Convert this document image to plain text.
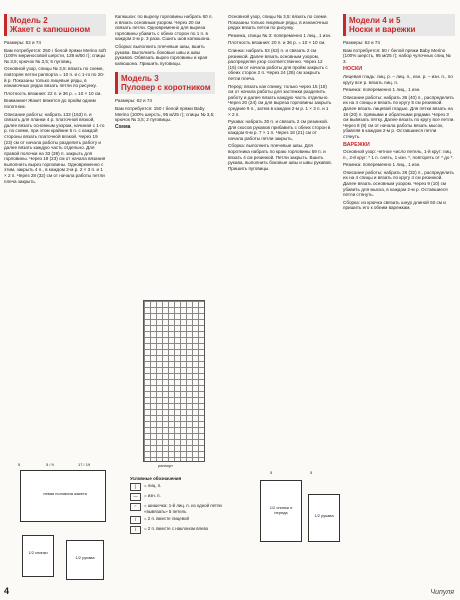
Модель 2
Жакет с капюшоном

Размеры: 62 и 74

Вам потребуется: 250 г белой пряжи Merino soft (100% мериносовой шерсти, 138 м/50 г); спицы № 3,5; крючок № 3,5; 5 пуговиц.

Основной узор, спицы № 3,5: вязать по схеме, повторяя петли раппорта = 10 п. и с 1-го по 20-й р. Показаны только лицевые ряды, в изнаночных рядах вязать петли по рисунку.

Плотность вязания: 22 п. и 36 р. = 10 × 10 см.

Внимание! Жакет вяжется до пройм одним полотном.

Описание работы: набрать 133 (153) п. и связать для планки 4 р. платочной вязкой, далее вязать основным узором, начиная с 1-го р. по схеме, при этом крайние 5 п. с каждой стороны вязать платочной вязкой. Через 19 (23) см от начала работы разделить работу и далее вязать каждую часть отдельно. Для правой полочки на 33 (38) п. закрыть для горловины. Через 19 (23) см от начала вязания выполнить вырез горловины. Одновременно с этим, закрыть 4 п., в каждом 2-м р. 2 × 3 п. и 1 × 2 п. Через 28 (32) см от начала работы петли плеча закрыть.

Капюшон: по вырезу горловины набрать 60 п. и вязать основным узором. Через 20 см связать петли. Одновременно для выреза горловины убавить с обеих сторон по 1 п. в каждом 2-м р. 3 раза. Сшить шов капюшона.

Сборка: выполнить плечевые швы, вшить рукава. Выполнить боковые швы и швы рукавов. Обвязать вырез горловины и края капюшона. Пришить пуговицы.

Модель 3
Пуловер с коротником

Размеры: 62 и 74

Вам потребуется: 150 г белой пряжи Baby Merino (100% шерсть, 95 м/25 г); спицы № 3,5; крючок № 3,5; 2 пуговицы.

Схема
раппорт
Условные обозначения
|	= лиц. п.
—	= изн. п.
◜	= шишечка: 1-й лиц. п. из одной петли «вывязать» 5 петель
/	= 2 п. вместе лицевой
\	= 2 п. вместе с наклоном влево

Основной узор, спицы № 3,5: вязать по схеме. Показаны только лицевые ряды, в изнаночных рядах вязать петли по рисунку.

Резинка, спицы № 3: попеременно 1 лиц., 1 изн.

Плотность вязания: 20 п. и 36 р. = 10 × 10 см.

Спинка: набрать 53 (63) п. и связать 2 см резинкой. Далее вязать основным узором, распределяя узор соответственно. Через 12 (15) см от начала работы для пройм закрыть с обеих сторон 2 п. Через 24 (28) см закрыть петли плеча.

Перед: вязать как спинку, только через 15 (18) см от начала работы для застежки разделить работу и далее вязать каждую часть отдельно. Через 20 (24) см для выреза горловины закрыть средние 9 п., затем в каждом 2-м р. 1 × 3 п. и 1 × 2 п.

Рукава: набрать 30 п. и связать 2 см резинкой. Для скосов рукавов прибавить с обеих сторон в каждом 6-м р. 7 × 1 п. Через 18 (21) см от начала работы петли закрыть.

Сборка: выполнить плечевые швы. Для воротника набрать по краю горловины 59 п. и вязать 4 см резинкой. Петли закрыть. Вшить рукава, выполнить боковые швы и швы рукавов. Пришить пуговицы.

Модели 4 и 5
Носки и варежки

Размеры: 62 и 74

Вам потребуется: 50 г белой пряжи Baby Merino (100% шерсть, 95 м/25 г); набор чулочных спиц № 3.

НОСКИ

Лицевая гладь: лиц. р. – лиц. п., изн. р. – изн. п., по кругу все р. вязать лиц. п.

Резинка: попеременно 1 лиц., 1 изн.

Описание работы: набрать 36 (40) п., распределить их на 4 спицы и вязать по кругу 5 см резинкой. Далее вязать лицевой гладью. Для пятки вязать на 18 (20) п. прямыми и обратными рядами. Через 3 см вывязать пятку. Далее вязать по кругу все петли. Через 8 (9) см от начала работы вязать мысок, убавляя в каждом 2-м р. Оставшиеся петли стянуть.

ВАРЕЖКИ

Основной узор: четное число петель, 1-й круг: лиц. п., 2-й круг: * 1 п. снять, 1 изн. *, повторять от * до *.

Резинка: попеременно 1 лиц., 1 изн.

Описание работы: набрать 28 (32) п., распределить их на 4 спицы и вязать по кругу 4 см резинкой. Далее вязать основным узором. Через 9 (10) см убавить для мыска, в каждом 2-м р. Оставшиеся петли стянуть.

Сборка: из крючка связать шнур длиной 50 см и пришить его к обеим варежкам.

5	5 / 9	17 / 19
левая половина жакета
1/2 спинки
1/2 рукава
5	5
1/2 спинки и переда
1/2 рукава
4	Чипуля
